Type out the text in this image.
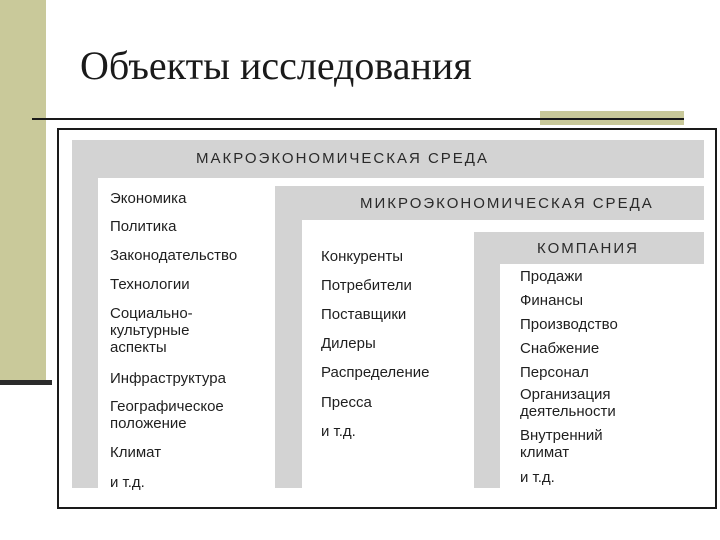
Объекты исследования
МАКРОЭКОНОМИЧЕСКАЯ СРЕДА
МИКРОЭКОНОМИЧЕСКАЯ СРЕДА
КОМПАНИЯ
Экономика
Политика
Законодательство
Технологии
Социально-
культурные
аспекты
Инфраструктура
Географическое
положение
Климат
и т.д.
Конкуренты
Потребители
Поставщики
Дилеры
Распределение
Пресса
и т.д.
Продажи
Финансы
Производство
Снабжение
Персонал
Организация
деятельности
Внутренний
климат
и т.д.
